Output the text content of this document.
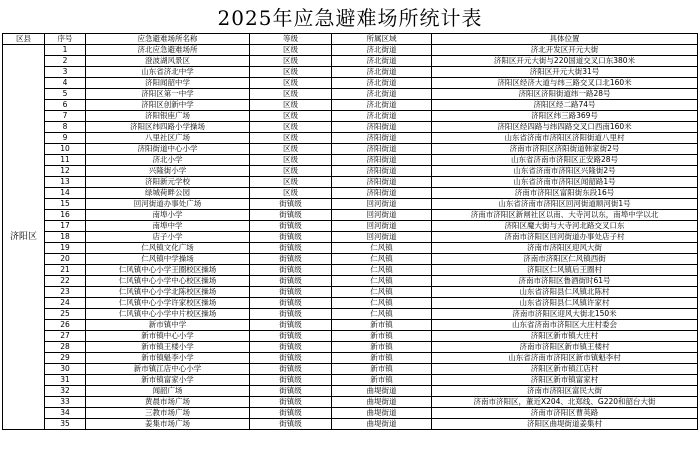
2025年应急避难场所统计表
区县	序号	应急避难场所名称	等级	所属区域	具体位置
济阳区	1	济北应急避难场所	区级	济北街道	济北开发区开元大街
	2	澄波湖风景区	区级	济北街道	济阳区开元大街与220国道交叉口东380米
	3	山东省济北中学	区级	济北街道	济阳区开元大街31号
	4	济阳闻韶中学	区级	济北街道	济阳区经济大道与纬三路交叉口北160米
	5	济阳区第一中学	区级	济北街道	济阳区济阳街道纬一路28号
	6	济阳区创新中学	区级	济北街道	济阳区经二路74号
	7	济阳银座广场	区级	济北街道	济阳区纬三路369号
	8	济阳区纬四路小学操场	区级	济阳街道	济阳区经四路与纬四路交叉口西南160米
	9	八里社区广场	区级	济阳街道	山东省济南市济阳区济阳街道八里村
	10	济阳街道中心小学	区级	济阳街道	济南市济阳区济阳街道韩家街2号
	11	济北小学	区级	济阳街道	山东省济南市济阳区正安路28号
	12	兴隆街小学	区级	济阳街道	山东省济南市济阳区兴隆街2号
	13	济阳新元学校	区级	济阳街道	山东省济南市济阳区闻韶路1号
	14	绿城荷畔公园	区级	济阳街道	济南市济阳区富阳街东段16号
	15	回河街道办事处广场	街镇级	回河街道	山东省济南市济阳区回河街道顺河街1号
	16	南埠小学	街镇级	回河街道	济南市济阳区新闸社区以南、大寺河以东，南埠中学以北
	17	南埠中学	街镇级	回河街道	济阳区魔大街与大寺河北路交叉口东
	18	店子小学	街镇级	回河街道	济南市济阳区回河街道办事处店子村
	19	仁风镇文化广场	街镇级	仁风镇	济南市济阳区迎风大街
	20	仁风镇中学操场	街镇级	仁风镇	济南市济阳区仁风镇西街
	21	仁风镇中心小学王圈校区操场	街镇级	仁风镇	济阳区仁风镇后王圈村
	22	仁风镇中心小学中心校区操场	街镇级	仁风镇	济南市济阳区鲁酒街时61号
	23	仁风镇中心小学北陈校区操场	街镇级	仁风镇	山东省济阳县仁风镇北陈村
	24	仁风镇中心小学许家校区操场	街镇级	仁风镇	山东省济阳县仁风镇许家村
	25	仁风镇中心小学中片校区操场	街镇级	仁风镇	济南市济阳区迎风大街北150米
	26	新市镇中学	街镇级	新市镇	山东省济南市济阳区大庄村委会
	27	新市镇中心小学	街镇级	新市镇	济阳区新市镇大庄村
	28	新市镇王楼小学	街镇级	新市镇	济南市济阳区新市镇王楼村
	29	新市镇魁李小学	街镇级	新市镇	山东省济南市济阳区新市镇魁李村
	30	新市镇江店中心小学	街镇级	新市镇	济阳区新市镇江店村
	31	新市镇富家小学	街镇级	新市镇	济阳区新市镇富家村
	32	闻韶广场	街镇级	曲堤街道	济南市济阳区富民大街
	33	黄晨市场广场	街镇级	曲堤街道	济南市济阳区，董近X204、北郑线、G220和韶台大街
	34	三教市场广场	街镇级	曲堤街道	济南市济阳区曹英路
	35	姜集市场广场	街镇级	曲堤街道	济阳区曲堤街道姜集村
